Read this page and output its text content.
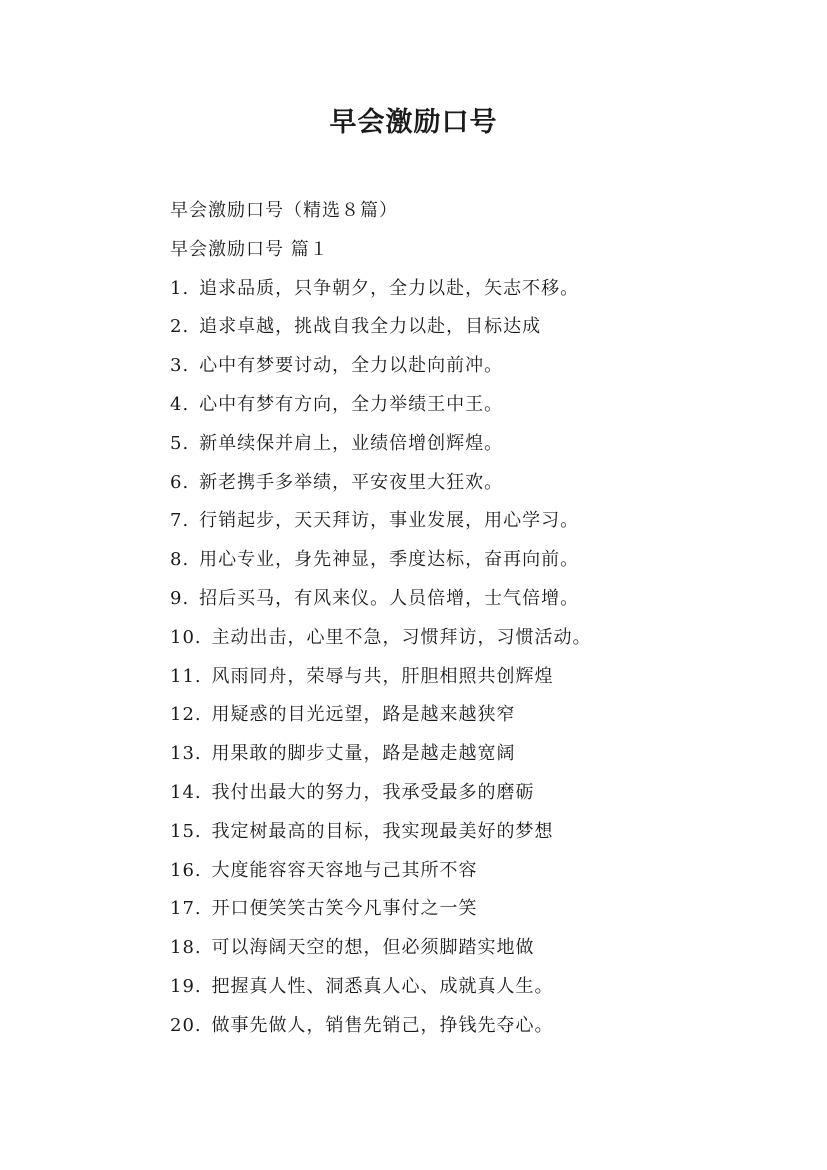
早会激励口号

早会激励口号（精选８篇）

早会激励口号 篇１

1. 追求品质，只争朝夕，全力以赴，矢志不移。

2. 追求卓越，挑战自我全力以赴，目标达成

3. 心中有梦要讨动，全力以赴向前冲。

4. 心中有梦有方向，全力举绩王中王。

5. 新单续保并肩上，业绩倍增创辉煌。

6. 新老携手多举绩，平安夜里大狂欢。

7. 行销起步，天天拜访，事业发展，用心学习。

8. 用心专业，身先神显，季度达标，奋再向前。

9. 招后买马，有风来仪。人员倍增，士气倍增。

10. 主动出击，心里不急，习惯拜访，习惯活动。

11. 风雨同舟，荣辱与共，肝胆相照共创辉煌

12. 用疑惑的目光远望，路是越来越狭窄

13. 用果敢的脚步丈量，路是越走越宽阔

14. 我付出最大的努力，我承受最多的磨砺

15. 我定树最高的目标，我实现最美好的梦想

16. 大度能容容天容地与己其所不容

17. 开口便笑笑古笑今凡事付之一笑

18. 可以海阔天空的想，但必须脚踏实地做

19. 把握真人性、洞悉真人心、成就真人生。

20. 做事先做人，销售先销己，挣钱先夺心。
